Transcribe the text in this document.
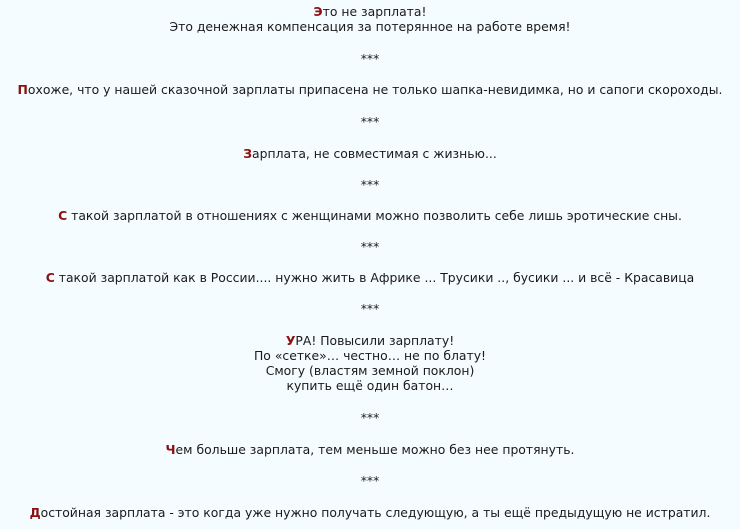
Это не зарплата!
Это денежная компенсация за потерянное на работе время!
***
Похоже, что у нашей сказочной зарплаты припасена не только шапка-невидимка, но и сапоги скороходы.
***
Зарплата, не совместимая с жизнью...
***
С такой зарплатой в отношениях с женщинами можно позволить себе лишь эротические сны.
***
С такой зарплатой как в России.... нужно жить в Африке ... Трусики .., бусики ... и всё - Красавица
***
УРА! Повысили зарплату!
По «сетке»… честно… не по блату!
Смогу (властям земной поклон)
купить ещё один батон…
***
Чем больше зарплата, тем меньше можно без нее протянуть.
***
Достойная зарплата - это когда уже нужно получать следующую, а ты ещё предыдущую не истратил.
